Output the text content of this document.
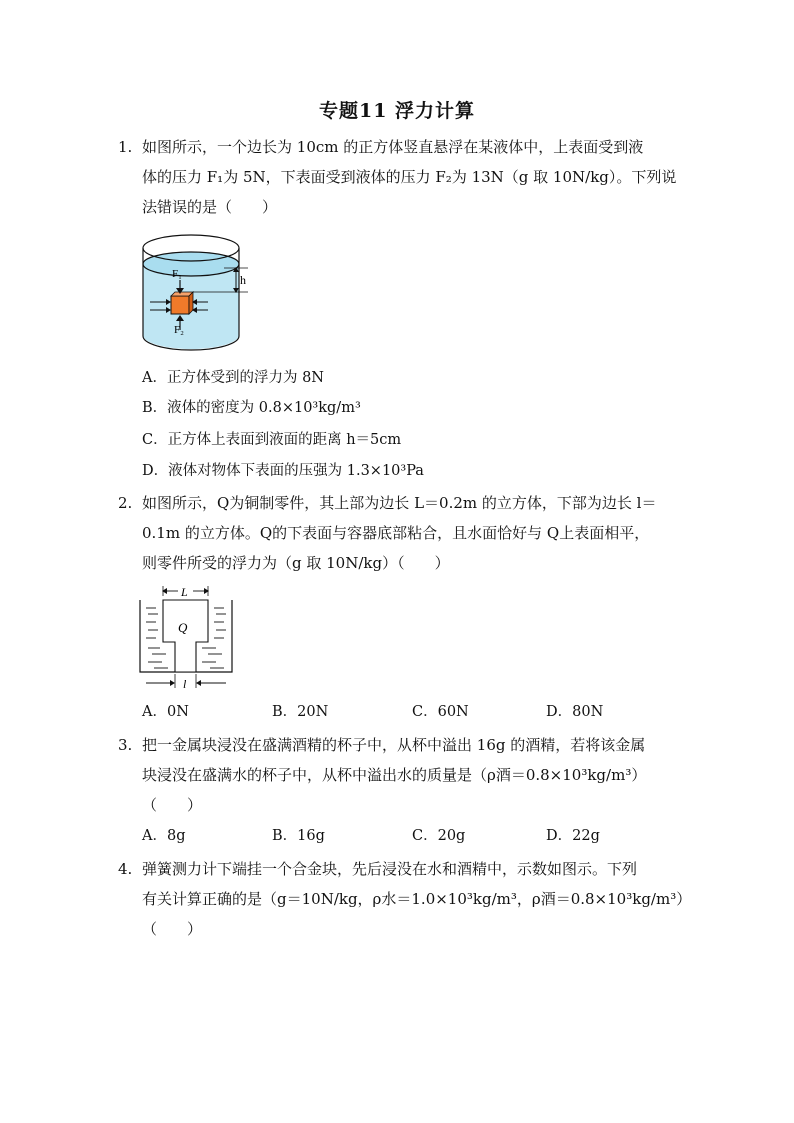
专题11 浮力计算
1. 如图所示，一个边长为 10cm 的正方体竖直悬浮在某液体中，上表面受到液
体的压力 F₁为 5N，下表面受到液体的压力 F₂为 13N（g 取 10N/kg）。下列说
法错误的是（　　）
F₁
F₂
h
A．正方体受到的浮力为 8N
B．液体的密度为 0.8×10³kg/m³
C．正方体上表面到液面的距离 h＝5cm
D．液体对物体下表面的压强为 1.3×10³Pa
2. 如图所示，Q为铜制零件，其上部为边长 L＝0.2m 的立方体，下部为边长 l＝
0.1m 的立方体。Q的下表面与容器底部粘合，且水面恰好与 Q上表面相平，
则零件所受的浮力为（g 取 10N/kg）（　　）
L
Q
l
A．0N	B．20N	C．60N	D．80N
3. 把一金属块浸没在盛满酒精的杯子中，从杯中溢出 16g 的酒精，若将该金属
块浸没在盛满水的杯子中，从杯中溢出水的质量是（ρ酒＝0.8×10³kg/m³）
（　　）
A．8g	B．16g	C．20g	D．22g
4. 弹簧测力计下端挂一个合金块，先后浸没在水和酒精中，示数如图示。下列
有关计算正确的是（g＝10N/kg，ρ水＝1.0×10³kg/m³，ρ酒＝0.8×10³kg/m³）
（　　）
